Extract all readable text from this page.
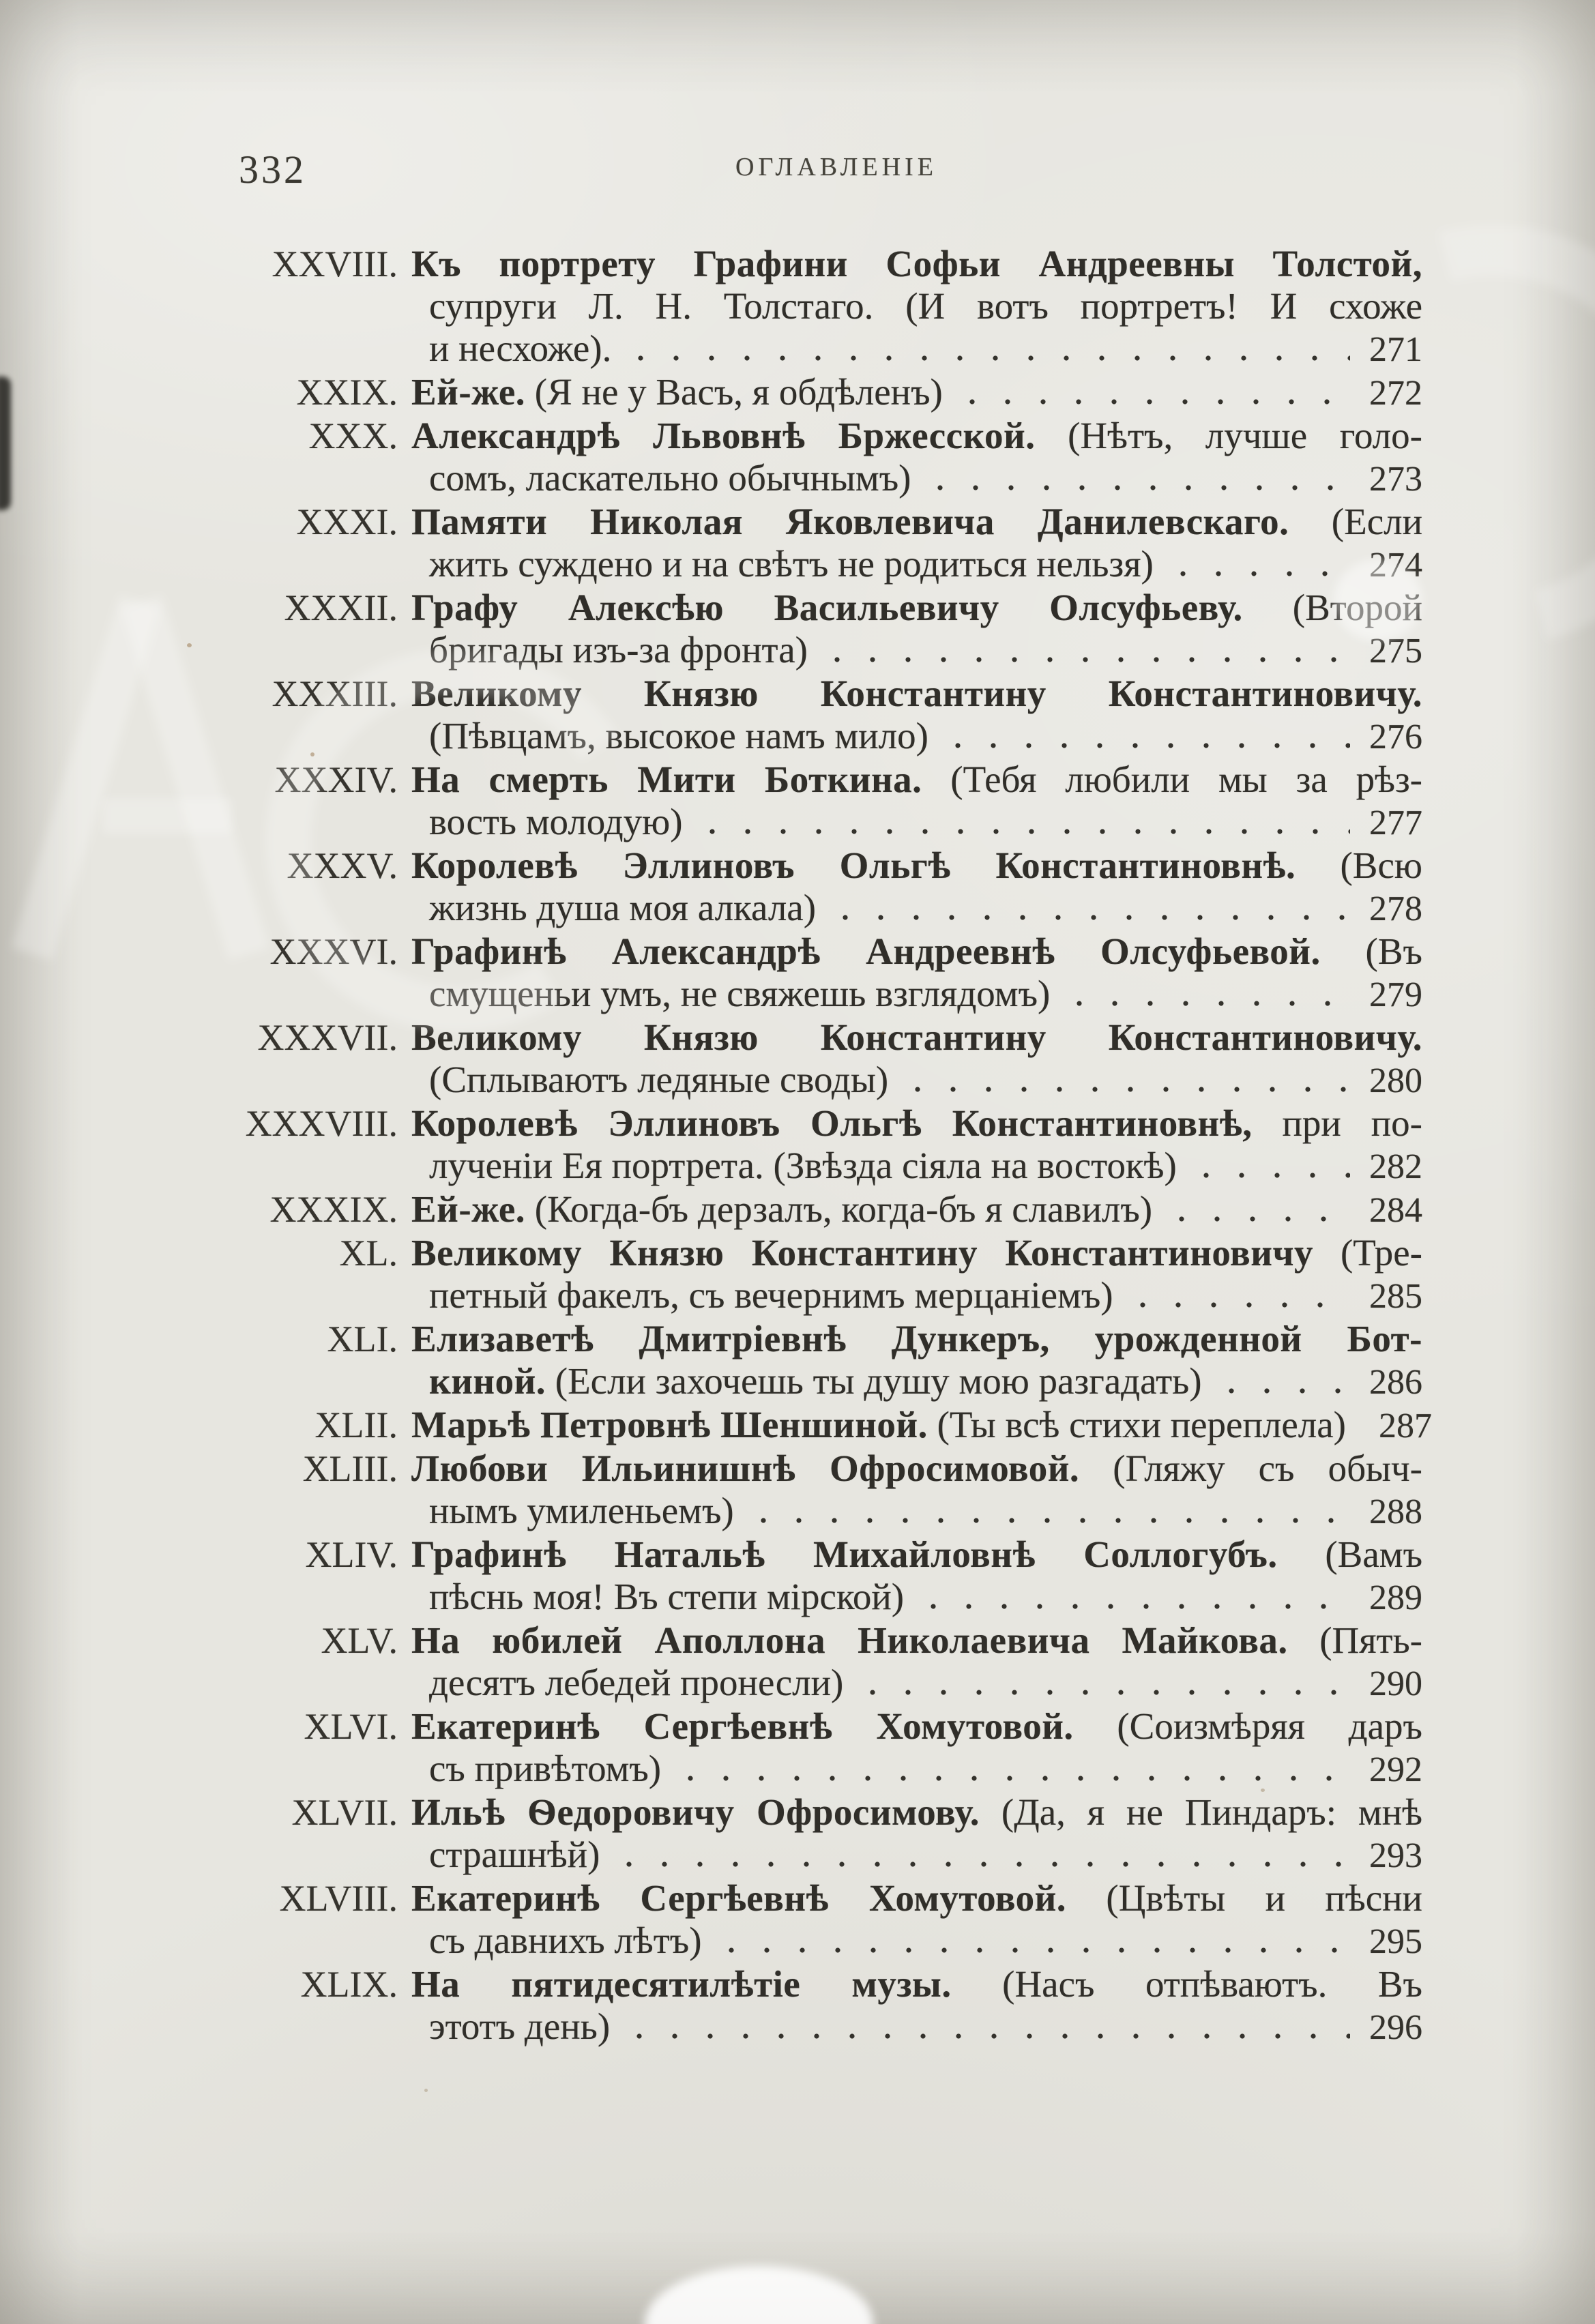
332	ОГЛАВЛЕНІЕ
XXVIII. Къ портрету Графини Софьи Андреевны Толстой,
супруги Л. Н. Толстаго. (И вотъ портретъ! И схоже
и несхоже).	271
XXIX. Ей-же. (Я не у Васъ, я обдѣленъ)	272
XXX. Александрѣ Львовнѣ Бржесской. (Нѣтъ, лучше голо-
сомъ, ласкательно обычнымъ)	273
XXXI. Памяти Николая Яковлевича Данилевскаго. (Если
жить суждено и на свѣтъ не родиться нельзя)	274
XXXII. Графу Алексѣю Васильевичу Олсуфьеву. (Второй
бригады изъ-за фронта)	275
XXXIII. Великому Князю Константину Константиновичу.
(Пѣвцамъ, высокое намъ мило)	276
XXXIV. На смерть Мити Боткина. (Тебя любили мы за рѣз-
вость молодую)	277
XXXV. Королевѣ Эллиновъ Ольгѣ Константиновнѣ. (Всю
жизнь душа моя алкала)	278
XXXVI. Графинѣ Александрѣ Андреевнѣ Олсуфьевой. (Въ
смущеньи умъ, не свяжешь взглядомъ)	279
XXXVII. Великому Князю Константину Константиновичу.
(Сплываютъ ледяные своды)	280
XXXVIII. Королевѣ Эллиновъ Ольгѣ Константиновнѣ, при по-
лученіи Ея портрета. (Звѣзда сіяла на востокѣ)	282
XXXIX. Ей-же. (Когда-бъ дерзалъ, когда-бъ я славилъ)	284
XL. Великому Князю Константину Константиновичу (Тре-
петный факелъ, съ вечернимъ мерцаніемъ)	285
XLI. Елизаветѣ Дмитріевнѣ Дункеръ, урожденной Бот-
киной. (Если захочешь ты душу мою разгадать)	286
XLII. Марьѣ Петровнѣ Шеншиной. (Ты всѣ стихи переплела) 287
XLIII. Любови Ильинишнѣ Офросимовой. (Гляжу съ обыч-
нымъ умиленьемъ)	288
XLIV. Графинѣ Натальѣ Михайловнѣ Соллогубъ. (Вамъ
пѣснь моя! Въ степи мірской)	289
XLV. На юбилей Аполлона Николаевича Майкова. (Пять-
десятъ лебедей пронесли)	290
XLVI. Екатеринѣ Сергѣевнѣ Хомутовой. (Соизмѣряя даръ
съ привѣтомъ)	292
XLVII. Ильѣ Ѳедоровичу Офросимову. (Да, я не Пиндаръ: мнѣ
страшнѣй)	293
XLVIII. Екатеринѣ Сергѣевнѣ Хомутовой. (Цвѣты и пѣсни
съ давнихъ лѣтъ)	295
XLIX. На пятидесятилѣтіе музы. (Насъ отпѣваютъ. Въ
этотъ день)	296
